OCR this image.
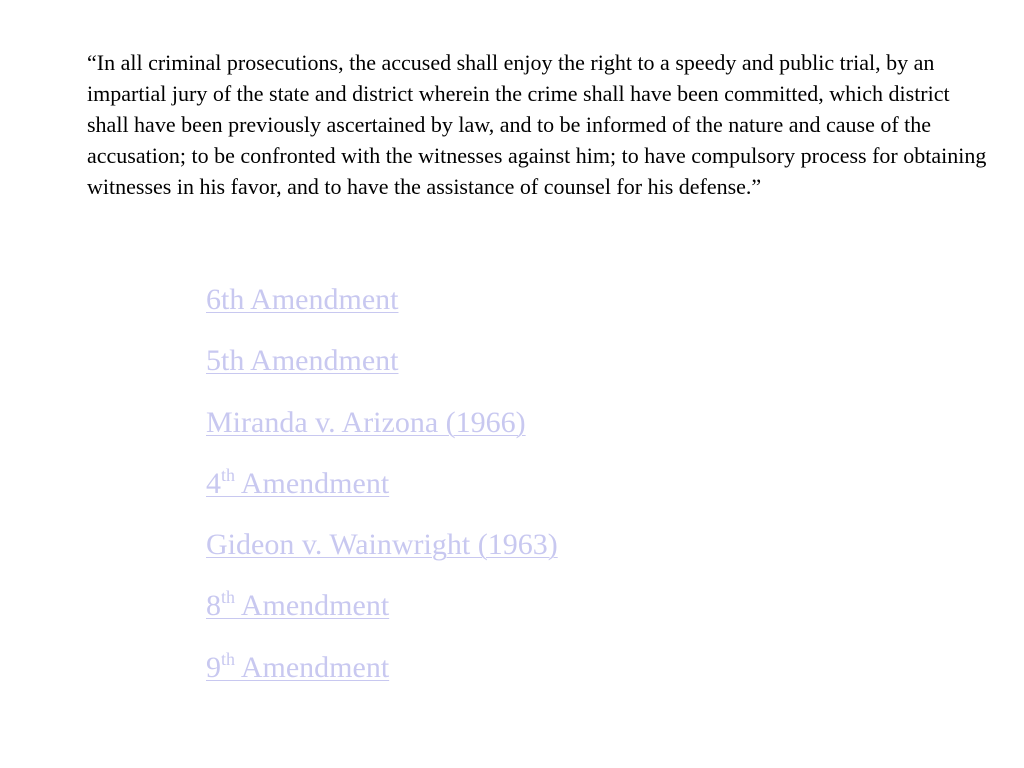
“In all criminal prosecutions, the accused shall enjoy the right to a speedy and public trial, by an impartial jury of the state and district wherein the crime shall have been committed, which district shall have been previously ascertained by law, and to be informed of the nature and cause of the accusation; to be confronted with the witnesses against him; to have compulsory process for obtaining witnesses in his favor, and to have the assistance of counsel for his defense.”

6th Amendment
5th Amendment
Miranda v. Arizona (1966)
4th Amendment
Gideon v. Wainwright (1963)
8th Amendment
9th Amendment
